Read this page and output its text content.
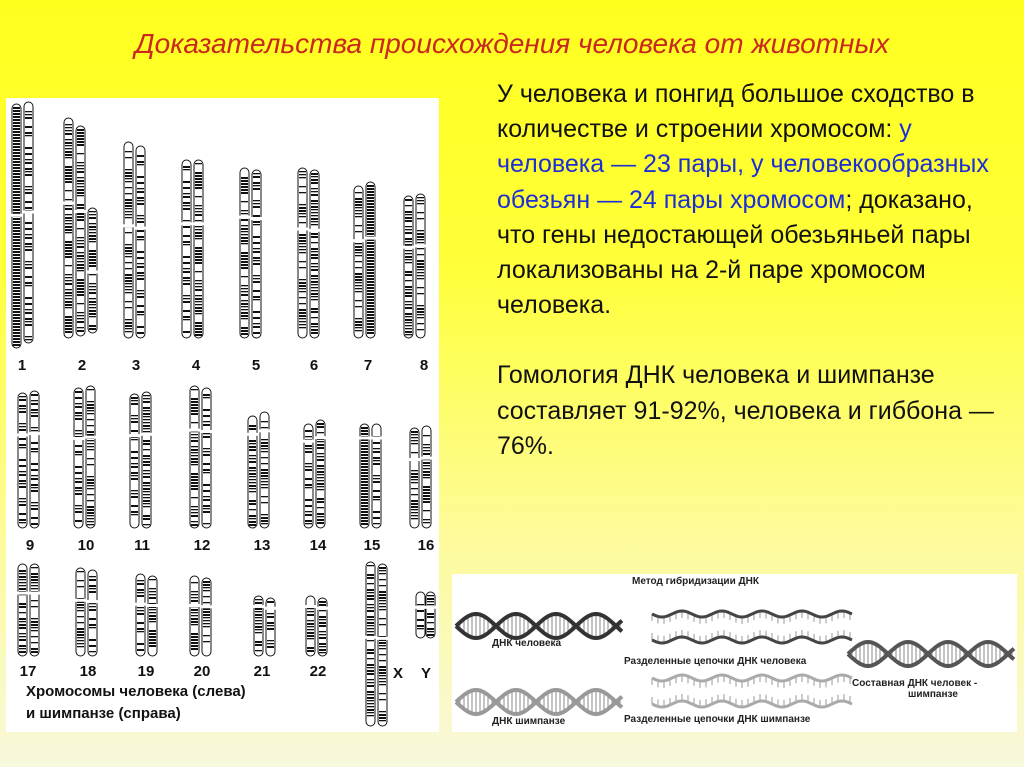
Доказательства происхождения человека от животных
У человека и понгид большое сходство в количестве и строении хромосом: у человека — 23 пары, у человекообразных обезьян — 24 пары хромосом; доказано, что гены недостающей обезьяньей пары локализованы на 2-й паре хромосом человека.
Гомология ДНК человека и шимпанзе составляет 91-92%, человека и гиббона — 76%.
1	2	3	4	5	6	7	8
9	10	11	12	13	14 15 16
17	18	19	20	21	22	X Y
Хромосомы человека (слева)
и шимпанзе (справа)
Метод гибридизации ДНК
ДНК человека
Разделенные цепочки ДНК человека
Разделенные цепочки ДНК шимпанзе
ДНК шимпанзе
Составная ДНК человек -
шимпанзе
